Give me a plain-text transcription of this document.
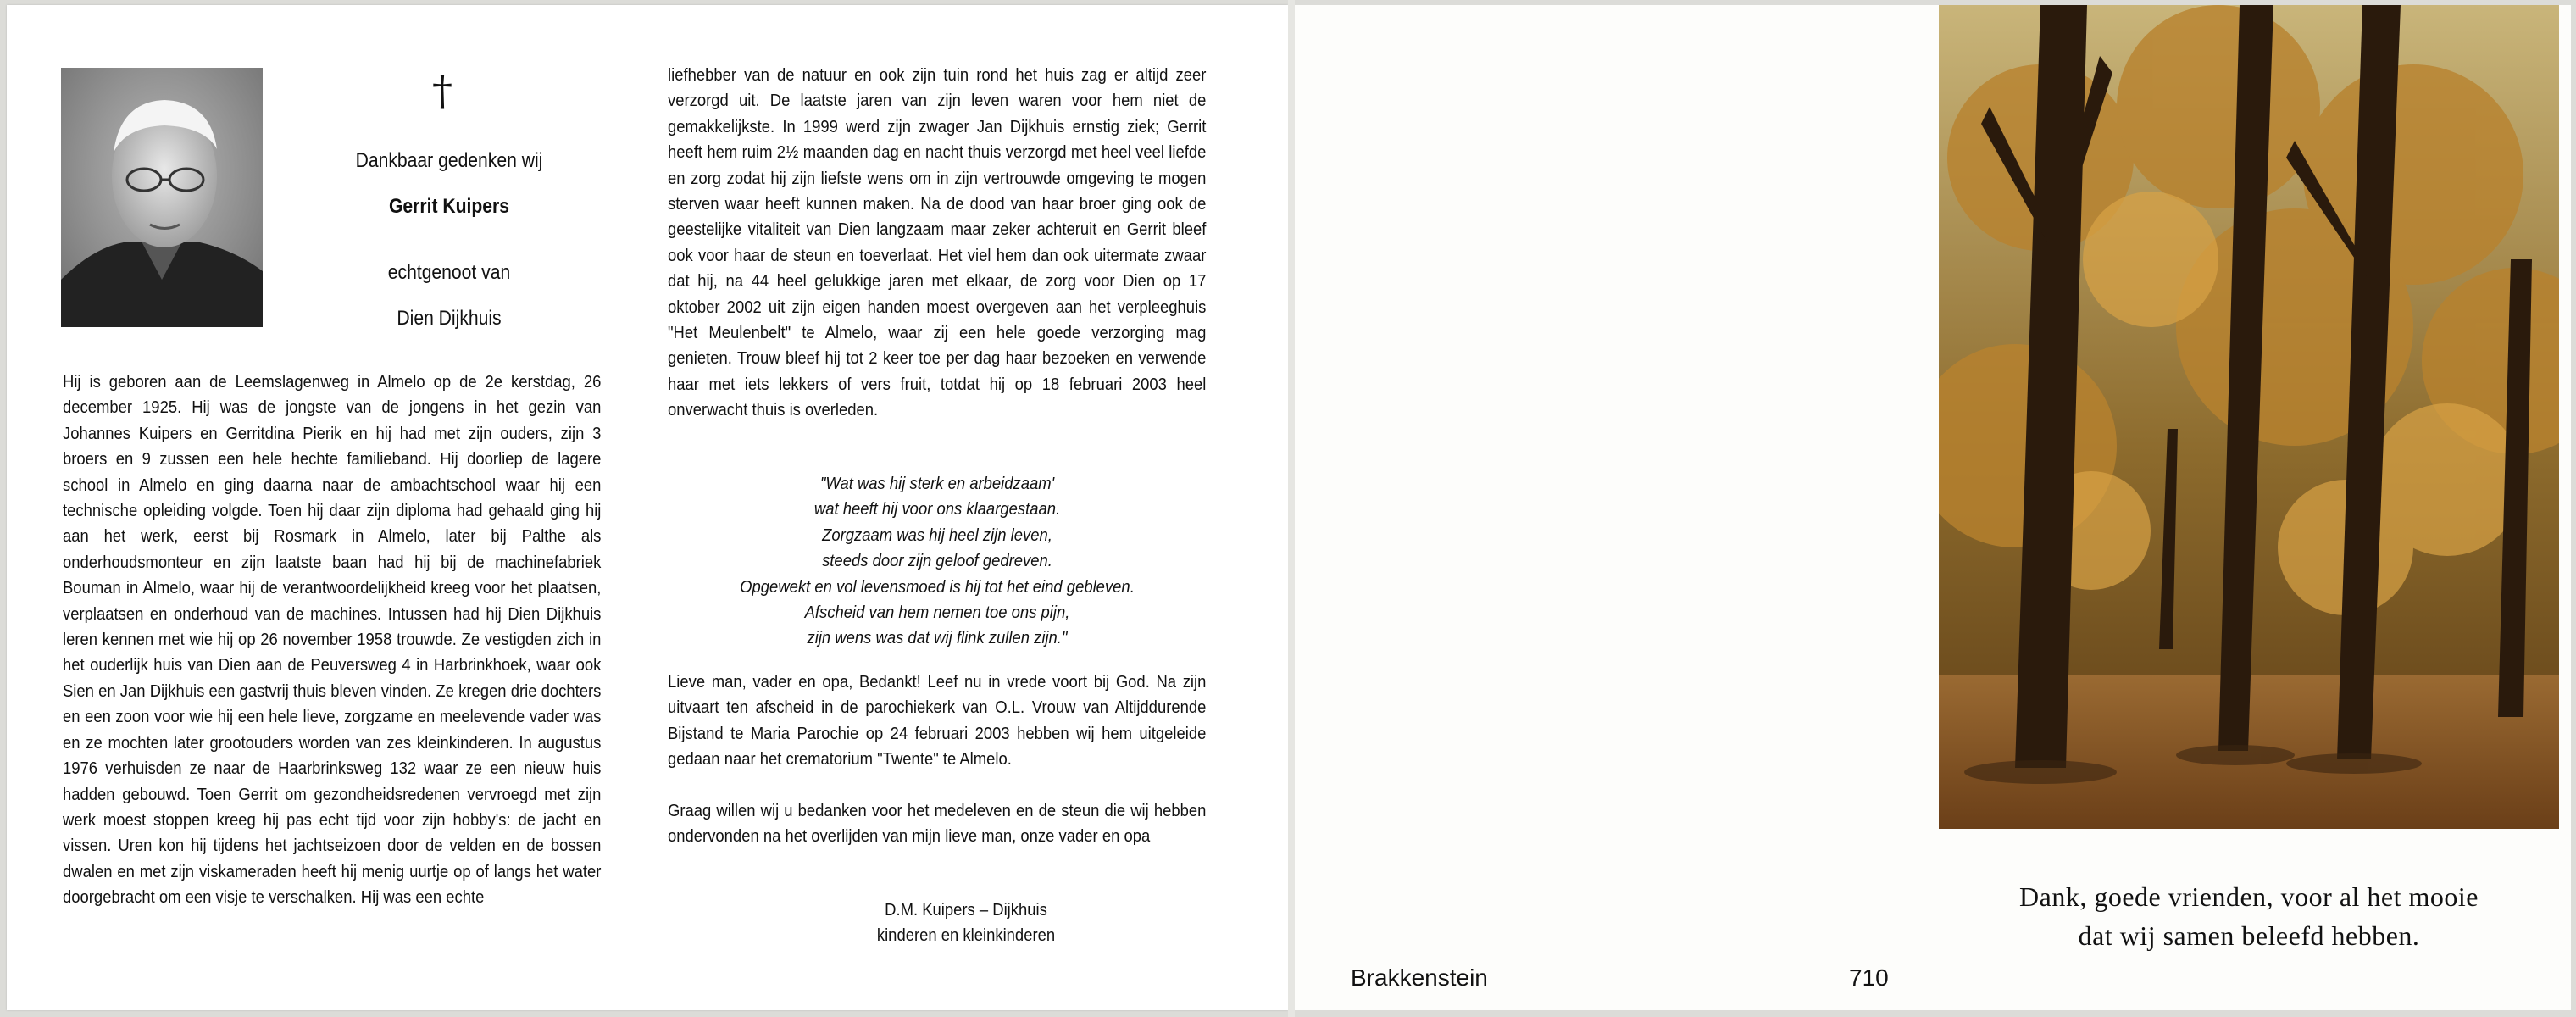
†
Dankbaar gedenken wij
Gerrit Kuipers
echtgenoot van
Dien Dijkhuis

Hij is geboren aan de Leemslagenweg in Almelo op de 2e kerstdag, 26 december 1925. Hij was de jongste van de jongens in het gezin van Johannes Kuipers en Gerritdina Pierik en hij had met zijn ouders, zijn 3 broers en 9 zussen een hele hechte familieband. Hij doorliep de lagere school in Almelo en ging daarna naar de ambachtschool waar hij een technische opleiding volgde. Toen hij daar zijn diploma had gehaald ging hij aan het werk, eerst bij Rosmark in Almelo, later bij Palthe als onderhoudsmonteur en zijn laatste baan had hij bij de machinefabriek Bouman in Almelo, waar hij de verantwoordelijkheid kreeg voor het plaatsen, verplaatsen en onderhoud van de machines. Intussen had hij Dien Dijkhuis leren kennen met wie hij op 26 november 1958 trouwde. Ze vestigden zich in het ouderlijk huis van Dien aan de Peuversweg 4 in Harbrinkhoek, waar ook Sien en Jan Dijkhuis een gastvrij thuis bleven vinden. Ze kregen drie dochters en een zoon voor wie hij een hele lieve, zorgzame en meelevende vader was en ze mochten later grootouders worden van zes kleinkinderen. In augustus 1976 verhuisden ze naar de Haarbrinksweg 132 waar ze een nieuw huis hadden gebouwd. Toen Gerrit om gezondheidsredenen vervroegd met zijn werk moest stoppen kreeg hij pas echt tijd voor zijn hobby's: de jacht en vissen. Uren kon hij tijdens het jachtseizoen door de velden en de bossen dwalen en met zijn viskameraden heeft hij menig uurtje op of langs het water doorgebracht om een visje te verschalken. Hij was een echte

liefhebber van de natuur en ook zijn tuin rond het huis zag er altijd zeer verzorgd uit. De laatste jaren van zijn leven waren voor hem niet de gemakkelijkste. In 1999 werd zijn zwager Jan Dijkhuis ernstig ziek; Gerrit heeft hem ruim 2½ maanden dag en nacht thuis verzorgd met heel veel liefde en zorg zodat hij zijn liefste wens om in zijn vertrouwde omgeving te mogen sterven waar heeft kunnen maken. Na de dood van haar broer ging ook de geestelijke vitaliteit van Dien langzaam maar zeker achteruit en Gerrit bleef ook voor haar de steun en toeverlaat. Het viel hem dan ook uitermate zwaar dat hij, na 44 heel gelukkige jaren met elkaar, de zorg voor Dien op 17 oktober 2002 uit zijn eigen handen moest overgeven aan het verpleeghuis "Het Meulenbelt" te Almelo, waar zij een hele goede verzorging mag genieten. Trouw bleef hij tot 2 keer toe per dag haar bezoeken en verwende haar met iets lekkers of vers fruit, totdat hij op 18 februari 2003 heel onverwacht thuis is overleden.

"Wat was hij sterk en arbeidzaam'
wat heeft hij voor ons klaargestaan.
Zorgzaam was hij heel zijn leven,
steeds door zijn geloof gedreven.
Opgewekt en vol levensmoed is hij tot het eind gebleven.
Afscheid van hem nemen toe ons pijn,
zijn wens was dat wij flink zullen zijn."

Lieve man, vader en opa, Bedankt! Leef nu in vrede voort bij God. Na zijn uitvaart ten afscheid in de parochiekerk van O.L. Vrouw van Altijddurende Bijstand te Maria Parochie op 24 februari 2003 hebben wij hem uitgeleide gedaan naar het crematorium "Twente" te Almelo.

Graag willen wij u bedanken voor het medeleven en de steun die wij hebben ondervonden na het overlijden van mijn lieve man, onze vader en opa

D.M. Kuipers – Dijkhuis
kinderen en kleinkinderen
Dank, goede vrienden, voor al het mooie
dat wij samen beleefd hebben.
Brakkenstein	710
